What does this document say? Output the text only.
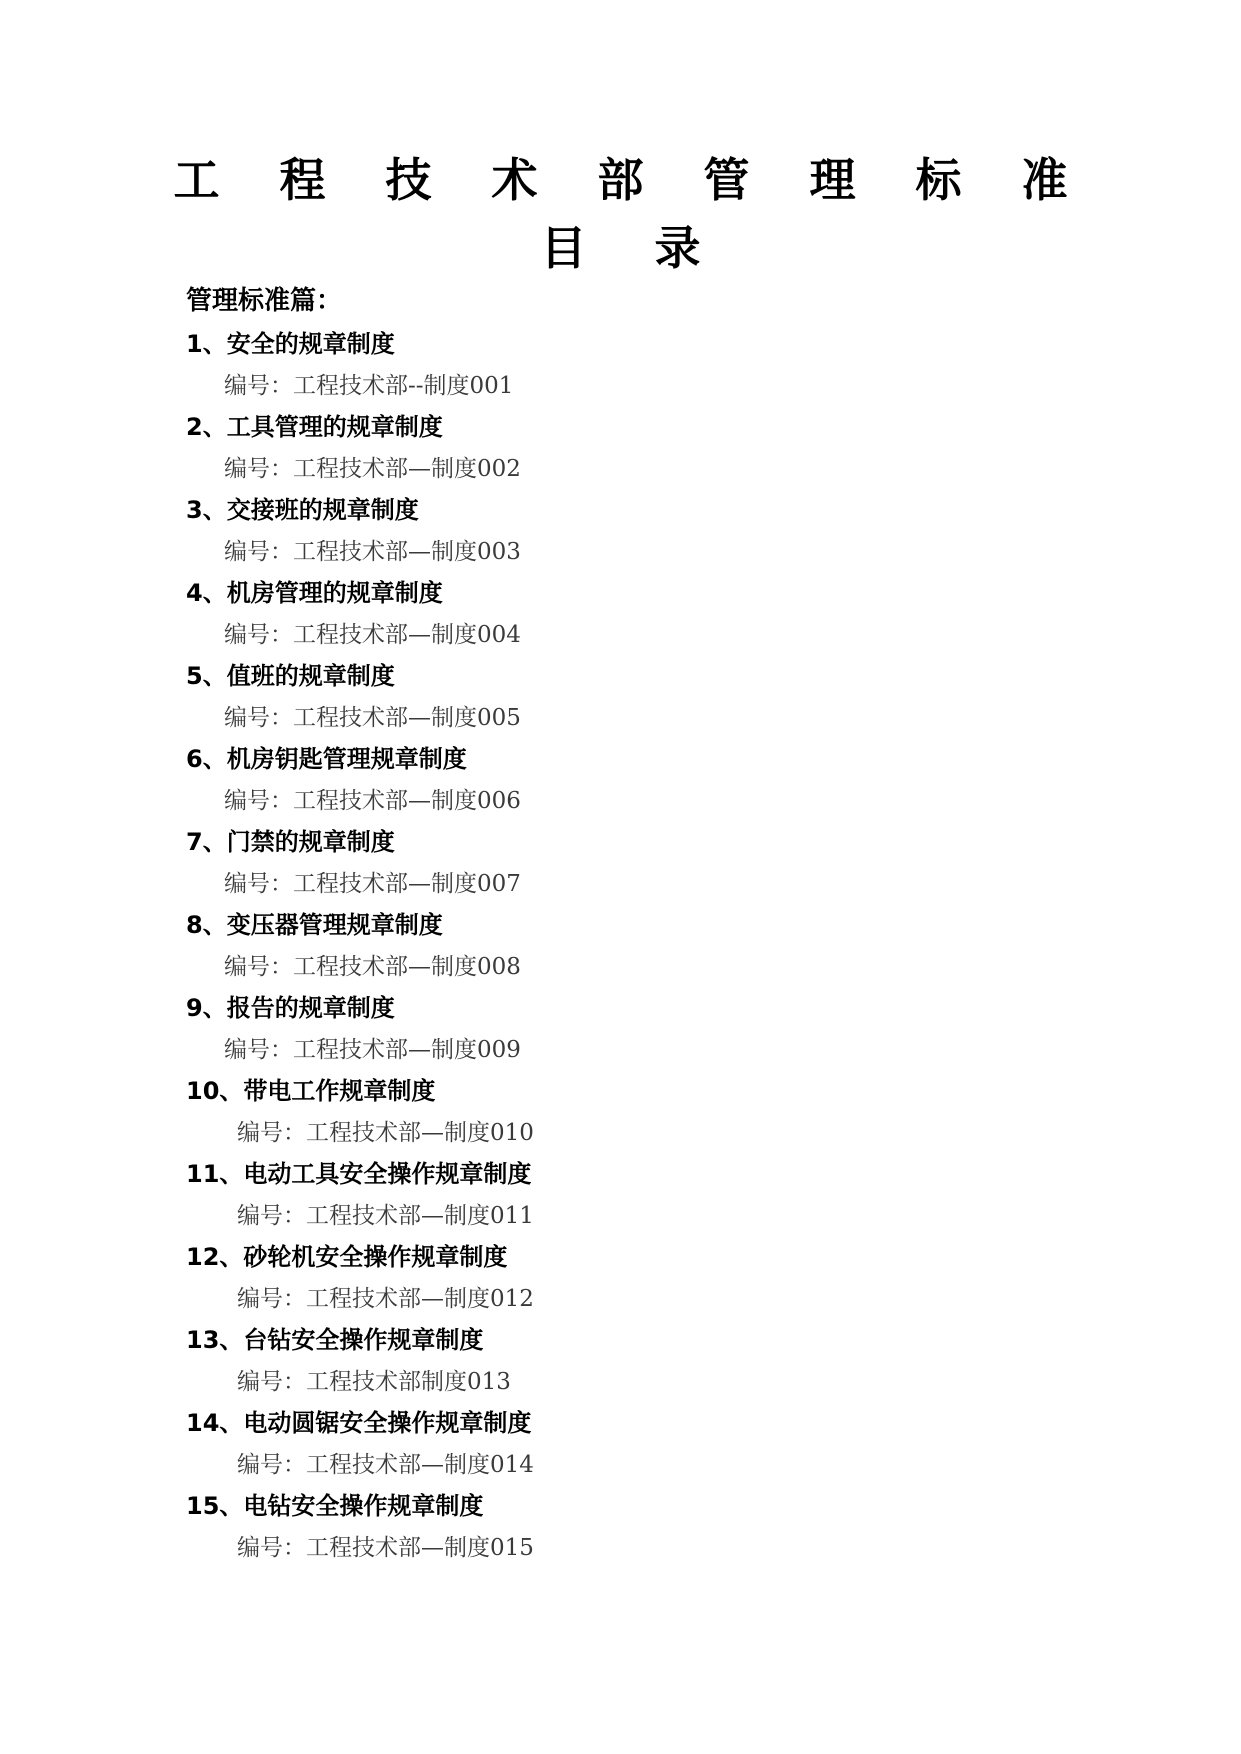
工 程 技 术 部 管 理 标 准
目 录
管理标准篇：
1、安全的规章制度
编号：工程技术部--制度001
2、工具管理的规章制度
编号：工程技术部—制度002
3、交接班的规章制度
编号：工程技术部—制度003
4、机房管理的规章制度
编号：工程技术部—制度004
5、值班的规章制度
编号：工程技术部—制度005
6、机房钥匙管理规章制度
编号：工程技术部—制度006
7、门禁的规章制度
编号：工程技术部—制度007
8、变压器管理规章制度
编号：工程技术部—制度008
9、报告的规章制度
编号：工程技术部—制度009
10、带电工作规章制度
编号：工程技术部—制度010
11、电动工具安全操作规章制度
编号：工程技术部—制度011
12、砂轮机安全操作规章制度
编号：工程技术部—制度012
13、台钻安全操作规章制度
编号：工程技术部制度013
14、电动圆锯安全操作规章制度
编号：工程技术部—制度014
15、电钻安全操作规章制度
编号：工程技术部—制度015
